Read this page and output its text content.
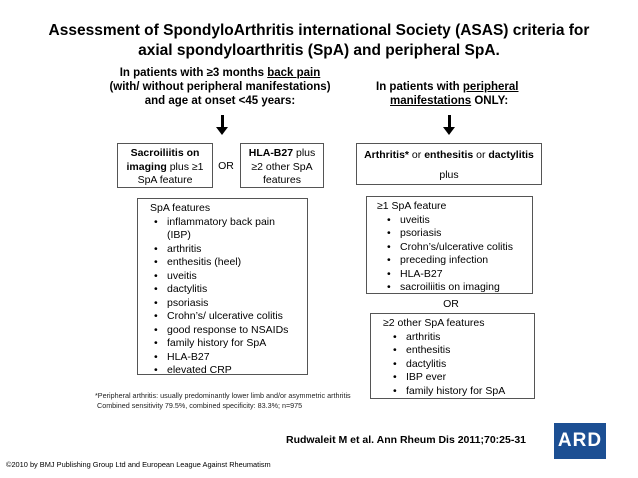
Assessment of SpondyloArthritis international Society (ASAS) criteria for
axial spondyloarthritis (SpA) and peripheral SpA.
In patients with ≥3 months back pain
(with/ without peripheral manifestations)
and age at onset <45 years:
In patients with peripheral
manifestations ONLY:
Sacroiliitis on
imaging plus ≥1
SpA feature
OR
HLA-B27 plus
≥2 other SpA
features
SpA features
• inflammatory back pain
(IBP)
• arthritis
• enthesitis (heel)
• uveitis
• dactylitis
• psoriasis
• Crohn’s/ ulcerative colitis
• good response to NSAIDs
• family history for SpA
• HLA-B27
• elevated CRP
Arthritis* or enthesitis or dactylitis
plus
≥1 SpA feature
• uveitis
• psoriasis
• Crohn’s/ulcerative colitis
• preceding infection
• HLA-B27
• sacroiliitis on imaging
OR
≥2 other SpA features
• arthritis
• enthesitis
• dactylitis
• IBP ever
• family history for SpA
*Peripheral arthritis: usually predominantly lower limb and/or asymmetric arthritis
Combined sensitivity 79.5%, combined specificity: 83.3%; n=975
Rudwaleit M et al. Ann Rheum Dis 2011;70:25-31 ARD
©2010 by BMJ Publishing Group Ltd and European League Against Rheumatism
